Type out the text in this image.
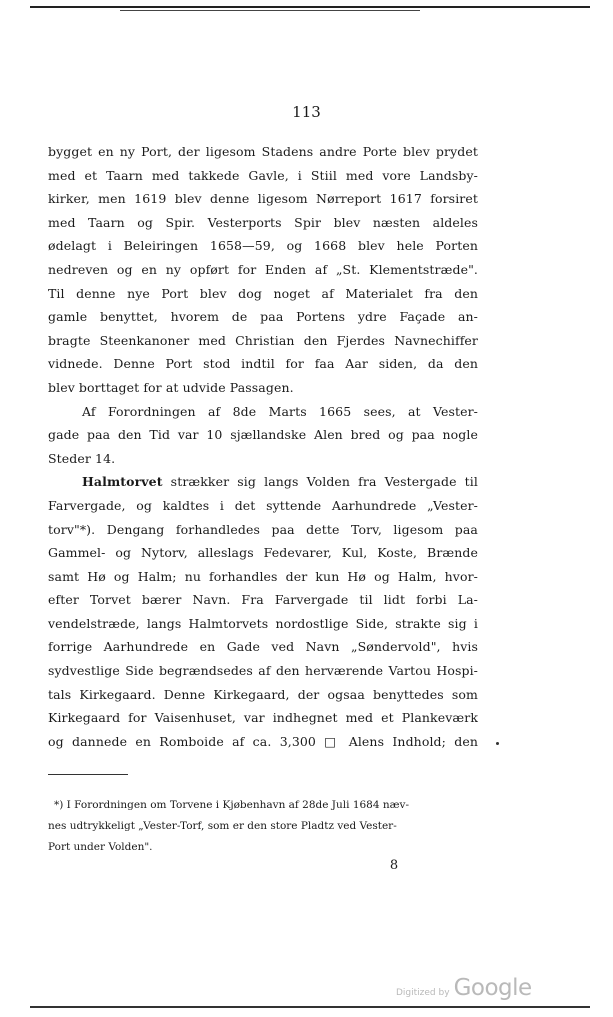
113
bygget en ny Port, der ligesom Stadens andre Porte blev prydet
med et Taarn med takkede Gavle, i Stiil med vore Landsby-
kirker, men 1619 blev denne ligesom Nørreport 1617 forsiret
med Taarn og Spir. Vesterports Spir blev næsten aldeles
ødelagt i Beleiringen 1658—59, og 1668 blev hele Porten
nedreven og en ny opført for Enden af „St. Klementstræde".
Til denne nye Port blev dog noget af Materialet fra den
gamle benyttet, hvorem de paa Portens ydre Façade an-
bragte Steenkanoner med Christian den Fjerdes Navnechiffer
vidnede. Denne Port stod indtil for faa Aar siden, da den
blev borttaget for at udvide Passagen.
Af Forordningen af 8de Marts 1665 sees, at Vester-
gade paa den Tid var 10 sjællandske Alen bred og paa nogle
Steder 14.
Halmtorvet strækker sig langs Volden fra Vestergade til
Farvergade, og kaldtes i det syttende Aarhundrede „Vester-
torv"*). Dengang forhandledes paa dette Torv, ligesom paa
Gammel- og Nytorv, alleslags Fedevarer, Kul, Koste, Brænde
samt Hø og Halm; nu forhandles der kun Hø og Halm, hvor-
efter Torvet bærer Navn. Fra Farvergade til lidt forbi La-
vendelstræde, langs Halmtorvets nordostlige Side, strakte sig i
forrige Aarhundrede en Gade ved Navn „Søndervold", hvis
sydvestlige Side begrændsedes af den herværende Vartou Hospi-
tals Kirkegaard. Denne Kirkegaard, der ogsaa benyttedes som
Kirkegaard for Vaisenhuset, var indhegnet med et Plankeværk
og dannede en Romboide af ca. 3,300 □ Alens Indhold; den
*) I Forordningen om Torvene i Kjøbenhavn af 28de Juli 1684 næv-
nes udtrykkeligt „Vester-Torf, som er den store Pladtz ved Vester-
Port under Volden".
8
Digitized by Google
